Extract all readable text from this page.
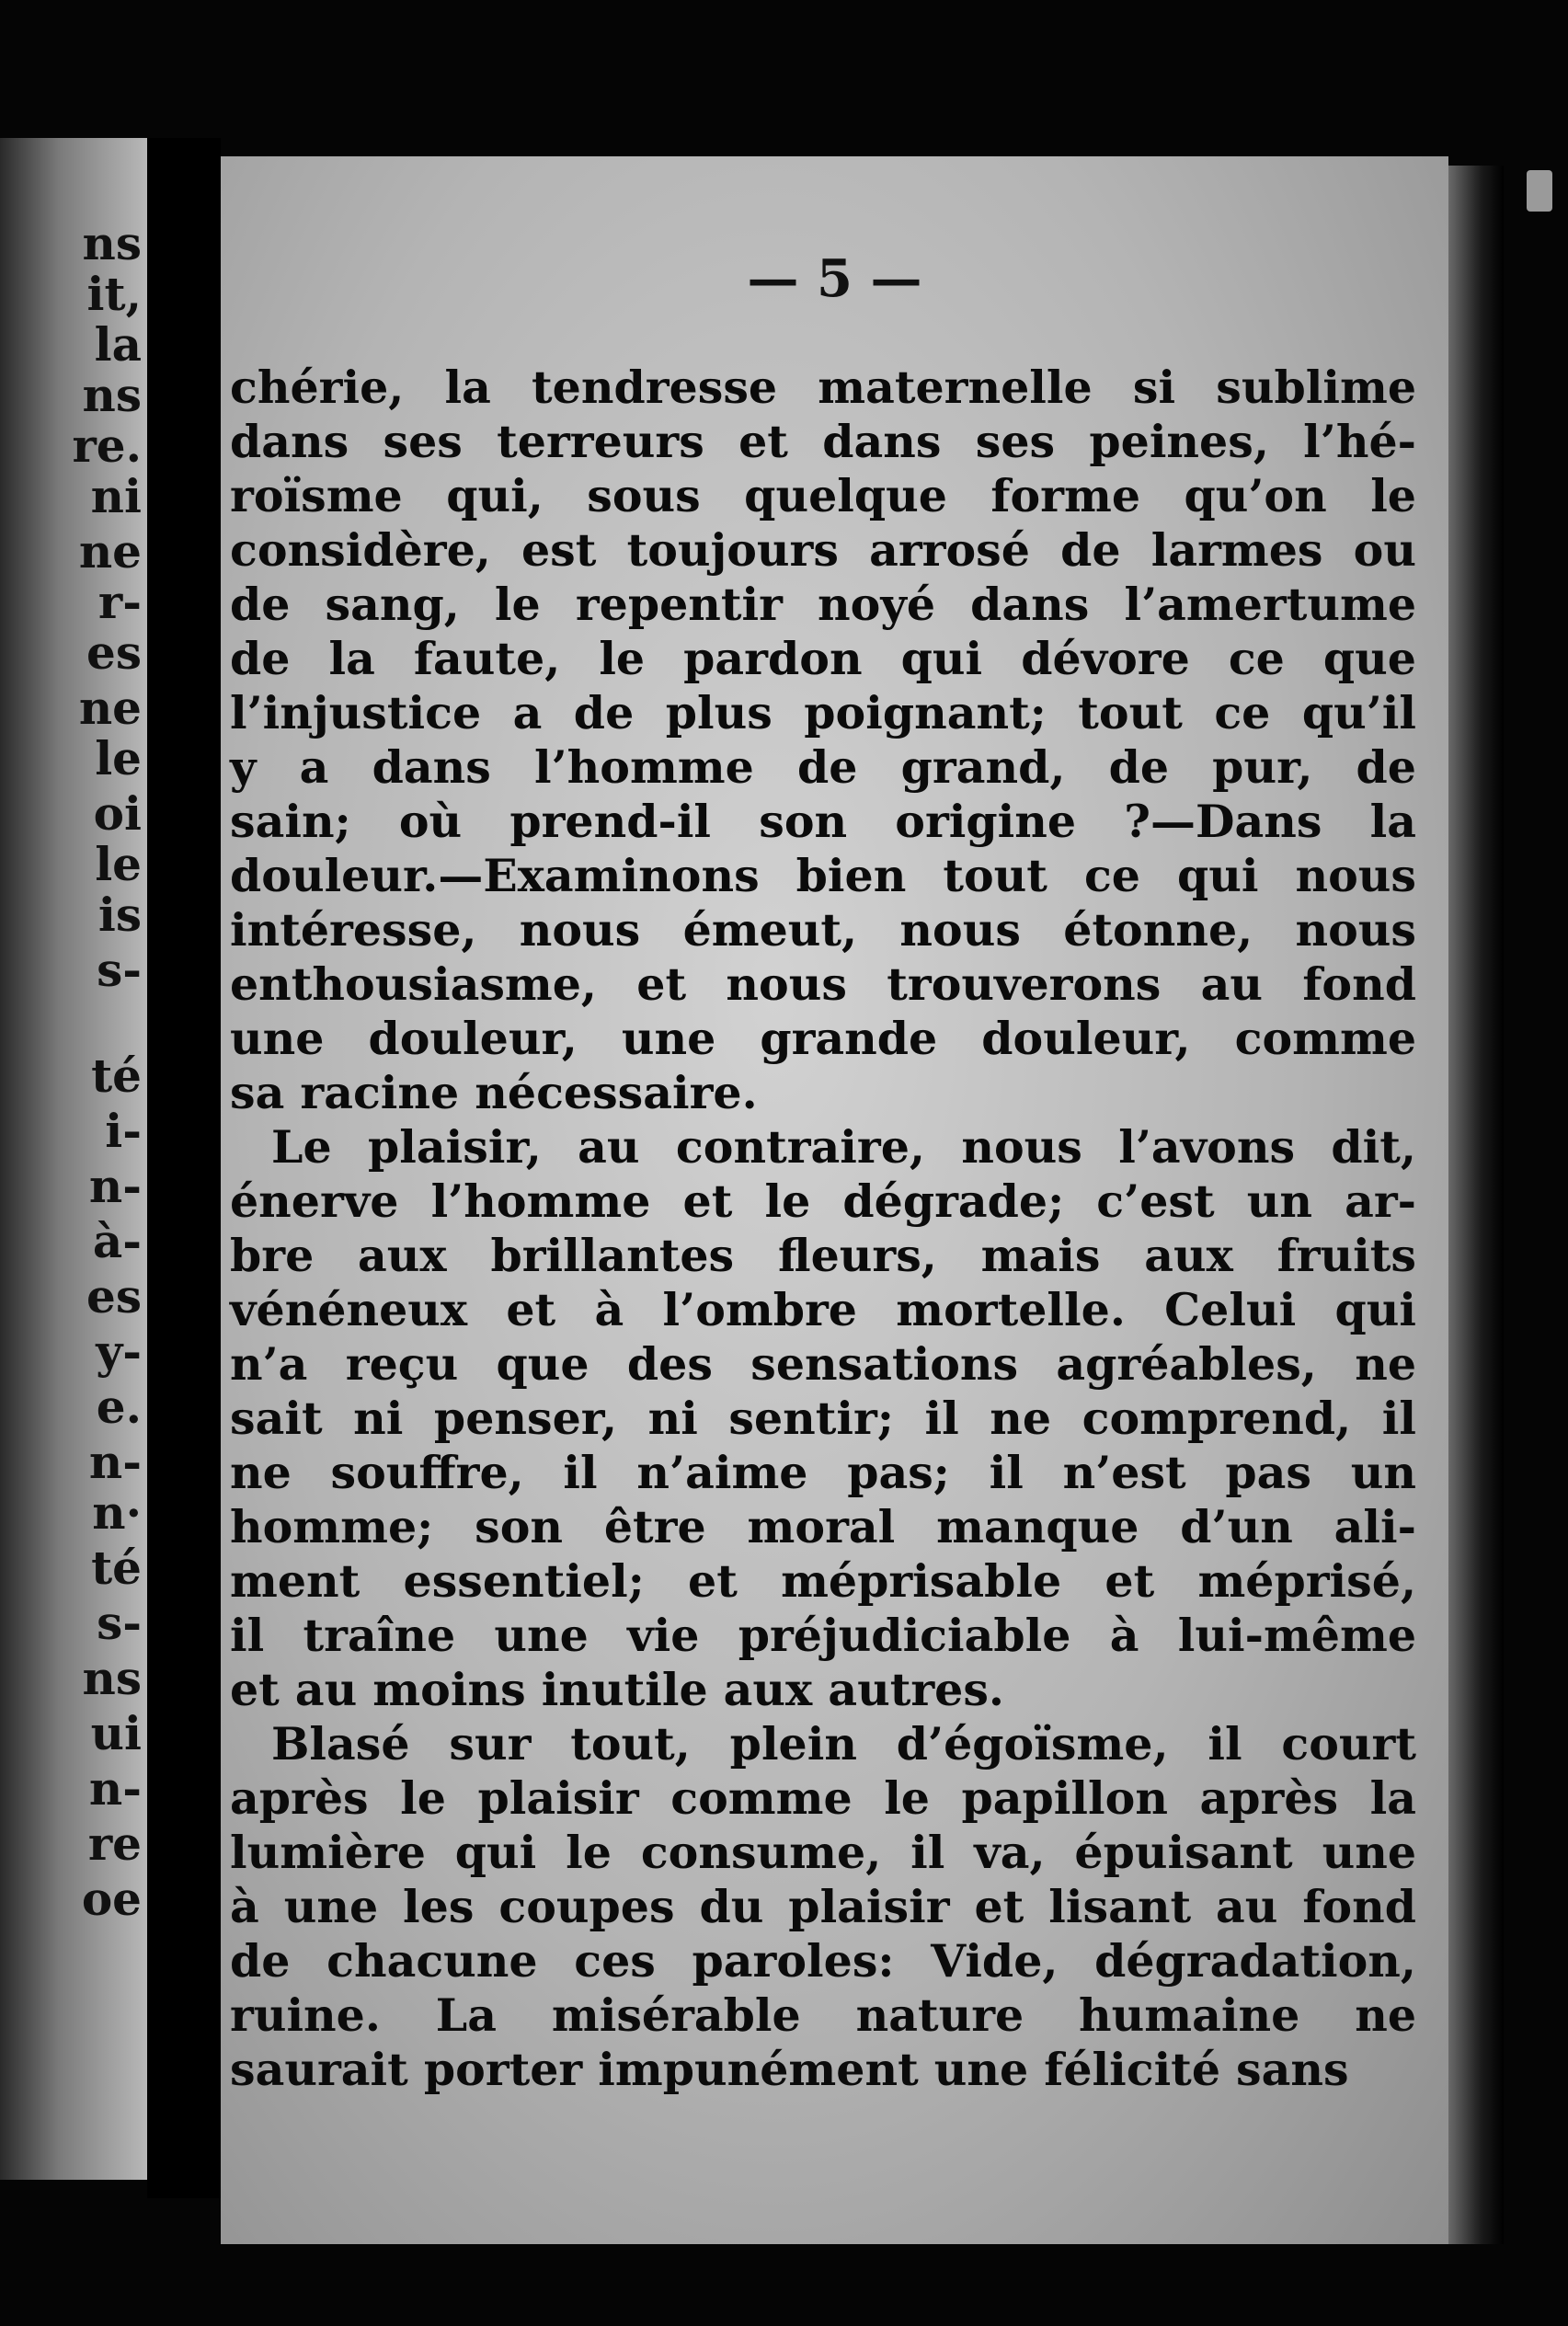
ns
it,
la
ns
re.
ni
ne
r-
es
ne
le
oi
le
is
s-
té
i-
n-
à-
es
y-
e.
n-
n·
té
s-
ns
ui
n-
re
oe
— 5 —
chérie, la tendresse maternelle si sublime
dans ses terreurs et dans ses peines, l’hé-
roïsme qui, sous quelque forme qu’on le
considère, est toujours arrosé de larmes ou
de sang, le repentir noyé dans l’amertume
de la faute, le pardon qui dévore ce que
l’injustice a de plus poignant; tout ce qu’il
y a dans l’homme de grand, de pur, de
sain; où prend-il son origine ?—Dans la
douleur.—Examinons bien tout ce qui nous
intéresse, nous émeut, nous étonne, nous
enthousiasme, et nous trouverons au fond
une douleur, une grande douleur, comme
sa racine nécessaire.
Le plaisir, au contraire, nous l’avons dit,
énerve l’homme et le dégrade; c’est un ar-
bre aux brillantes fleurs, mais aux fruits
vénéneux et à l’ombre mortelle. Celui qui
n’a reçu que des sensations agréables, ne
sait ni penser, ni sentir; il ne comprend, il
ne souffre, il n’aime pas; il n’est pas un
homme; son être moral manque d’un ali-
ment essentiel; et méprisable et méprisé,
il traîne une vie préjudiciable à lui-même
et au moins inutile aux autres.
Blasé sur tout, plein d’égoïsme, il court
après le plaisir comme le papillon après la
lumière qui le consume, il va, épuisant une
à une les coupes du plaisir et lisant au fond
de chacune ces paroles: Vide, dégradation,
ruine. La misérable nature humaine ne
saurait porter impunément une félicité sans
